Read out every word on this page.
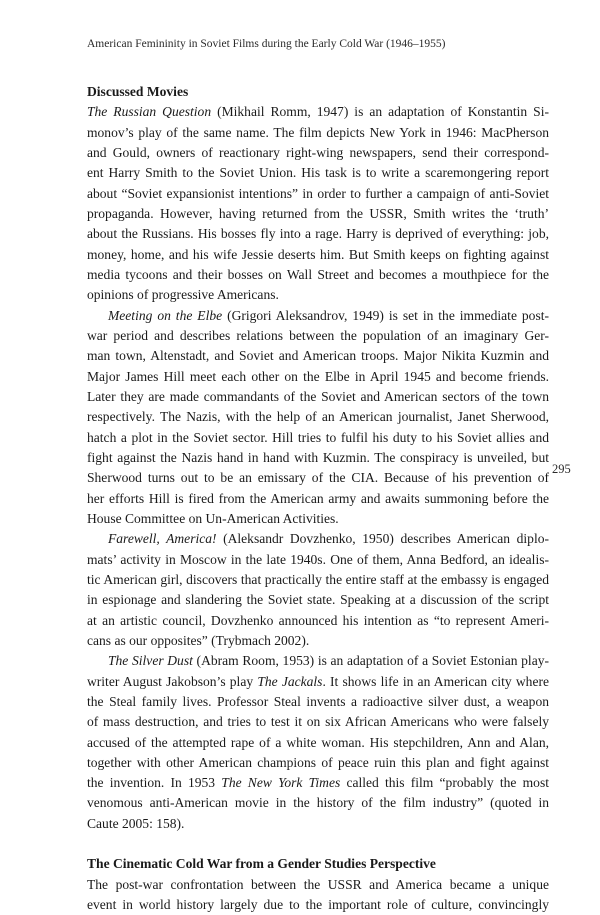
American Femininity in Soviet Films during the Early Cold War (1946–1955)
295
Discussed Movies
The Russian Question (Mikhail Romm, 1947) is an adaptation of Konstantin Si-
monov’s play of the same name. The film depicts New York in 1946: MacPherson
and Gould, owners of reactionary right-wing newspapers, send their correspond-
ent Harry Smith to the Soviet Union. His task is to write a scaremongering report
about “Soviet expansionist intentions” in order to further a campaign of anti-Soviet
propaganda. However, having returned from the USSR, Smith writes the ‘truth’
about the Russians. His bosses fly into a rage. Harry is deprived of everything: job,
money, home, and his wife Jessie deserts him. But Smith keeps on fighting against
media tycoons and their bosses on Wall Street and becomes a mouthpiece for the
opinions of progressive Americans.
Meeting on the Elbe (Grigori Aleksandrov, 1949) is set in the immediate post-
war period and describes relations between the population of an imaginary Ger-
man town, Altenstadt, and Soviet and American troops. Major Nikita Kuzmin and
Major James Hill meet each other on the Elbe in April 1945 and become friends.
Later they are made commandants of the Soviet and American sectors of the town
respectively. The Nazis, with the help of an American journalist, Janet Sherwood,
hatch a plot in the Soviet sector. Hill tries to fulfil his duty to his Soviet allies and
fight against the Nazis hand in hand with Kuzmin. The conspiracy is unveiled, but
Sherwood turns out to be an emissary of the CIA. Because of his prevention of
her efforts Hill is fired from the American army and awaits summoning before the
House Committee on Un-American Activities.
Farewell, America! (Aleksandr Dovzhenko, 1950) describes American diplo-
mats’ activity in Moscow in the late 1940s. One of them, Anna Bedford, an idealis-
tic American girl, discovers that practically the entire staff at the embassy is engaged
in espionage and slandering the Soviet state. Speaking at a discussion of the script
at an artistic council, Dovzhenko announced his intention as “to represent Ameri-
cans as our opposites” (Trybmach 2002).
The Silver Dust (Abram Room, 1953) is an adaptation of a Soviet Estonian play-
writer August Jakobson’s play The Jackals. It shows life in an American city where
the Steal family lives. Professor Steal invents a radioactive silver dust, a weapon
of mass destruction, and tries to test it on six African Americans who were falsely
accused of the attempted rape of a white woman. His stepchildren, Ann and Alan,
together with other American champions of peace ruin this plan and fight against
the invention. In 1953 The New York Times called this film “probably the most
venomous anti-American movie in the history of the film industry” (quoted in
Caute 2005: 158).
The Cinematic Cold War from a Gender Studies Perspective
The post-war confrontation between the USSR and America became a unique
event in world history largely due to the important role of culture, convincingly
